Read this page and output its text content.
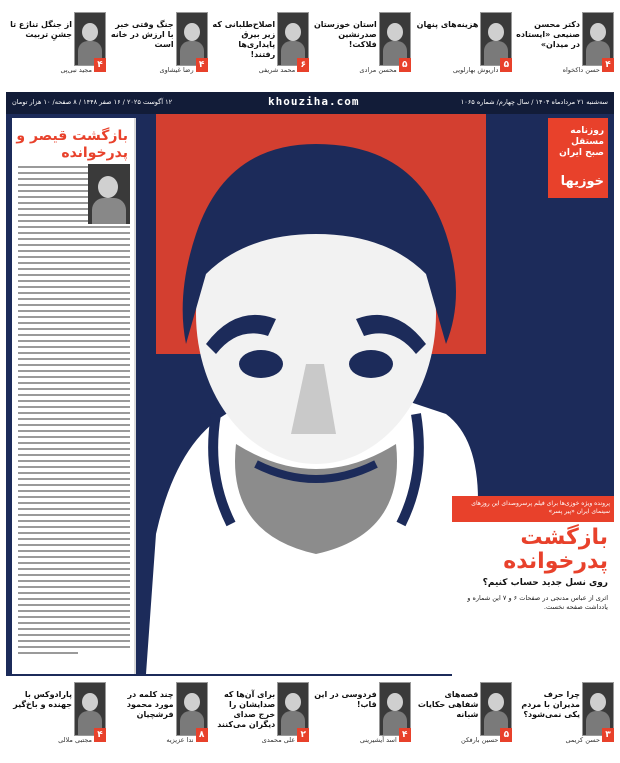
۴
دکتر محسن صنیعی «ایستاده در میدان»
حسن داکخواه
۵
هزینه‌های پنهان
داریوش بهارلویی
۵
استان خوزستان صدرنشین فلاکت!
محسن مرادی
۶
اصلاح‌طلبانی که زیر بیرق پایداری‌ها رفتند!
محمد شریفی
۴
جنگ وقتی خبر با ارزش در خانه است
رضا غیشاوی
۴
از جنگل تناژع تا جشنِ تربیت
مجید نبی‌پی
سه‌شنبه ۲۱ مرداد‌ماه ۱۴۰۴ / سال چهارم/ شماره ۱۰۶۵
khouziha.com
۱۲ آگوست ۲۰۲۵ / ۱۶ صفر ۱۴۴۸ / ۸ صفحه/ ۱۰ هزار تومان
بازگشت قیصر و پدرخوانده
روزنامه مستقل صبح ایران
خوزیها
پرونده ویژه خوزی‌ها برای فیلم پرسروصدای این روزهای سینمای ایران «پیر پسر»
بازگشت پدرخوانده
روی نسل جدید حساب کنیم؟
اثری از عباس مدنجی در صفحات ۶ و ۷ این شماره و یادداشت صفحه نخست.
۳
چرا حرف مدیران با مردم یکی نمی‌شود؟
حسن کریمی
۵
قصه‌های شفاهی حکایات شبانه
حسین بارفکن
۴
فردوسی در این قاب!
اسد آیشیرینی
۲
برای آن‌ها که صدایشان را خرج صدای دیگران می‌کنند
علی محمدی
۸
چند کلمه در مورد محمود فرشچیان
ندا عزیزیه
۴
پارادوکس با جهنده و باخ‌گیر
مجتبی ملالی
